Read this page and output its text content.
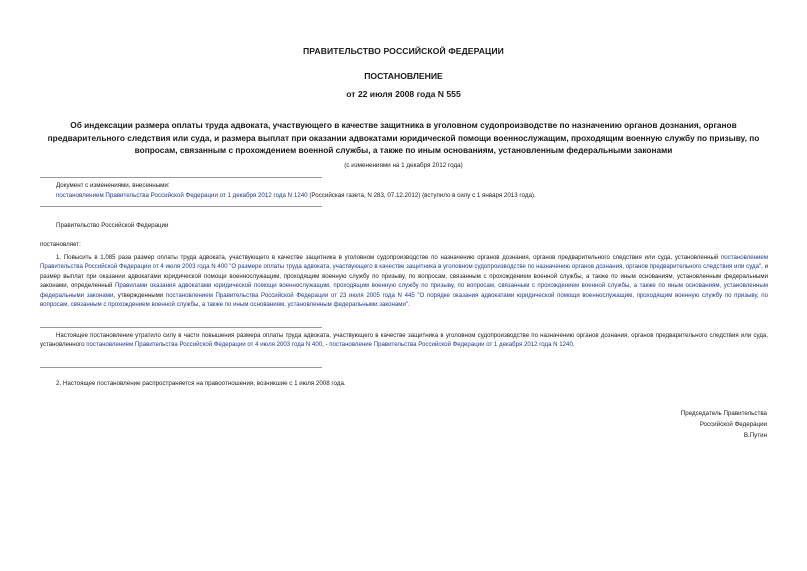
ПРАВИТЕЛЬСТВО РОССИЙСКОЙ ФЕДЕРАЦИИ
ПОСТАНОВЛЕНИЕ
от 22 июля 2008 года N 555
Об индексации размера оплаты труда адвоката, участвующего в качестве защитника в уголовном судопроизводстве по назначению органов дознания, органов предварительного следствия или суда, и размера выплат при оказании адвокатами юридической помощи военнослужащим, проходящим военную службу по призыву, по вопросам, связанным с прохождением военной службы, а также по иным основаниям, установленным федеральными законами
(с изменениями на 1 декабря 2012 года)
Документ с изменениями, внесенными:
постановлением Правительства Российской Федерации от 1 декабря 2012 года N 1240 (Российская газета, N 283, 07.12.2012) (вступило в силу с 1 января 2013 года).
Правительство Российской Федерации
постановляет:

1. Повысить в 1,085 раза размер оплаты труда адвоката, участвующего в качестве защитника в уголовном судопроизводстве по назначению органов дознания, органов предварительного следствия или суда, установленный постановлением Правительства Российской Федерации от 4 июля 2003 года N 400 "О размере оплаты труда адвоката, участвующего в качестве защитника в уголовном судопроизводстве по назначению органов дознания, органов предварительного следствия или суда", и размер выплат при оказании адвокатами юридической помощи военнослужащим, проходящим военную службу по призыву, по вопросам, связанным с прохождением военной службы, а также по иным основаниям, установленным федеральными законами, определенный Правилами оказания адвокатами юридической помощи военнослужащим, проходящим военную службу по призыву, по вопросам, связанным с прохождением военной службы, а также по иным основаниям, установленным федеральными законами, утвержденными постановлением Правительства Российской Федерации от 23 июля 2005 года N 445 "О порядке оказания адвокатами юридической помощи военнослужащим, проходящим военную службу по призыву, по вопросам, связанным с прохождением военной службы, а также по иным основаниям, установленным федеральными законами".

Настоящее постановление утратило силу в части повышения размера оплаты труда адвоката, участвующего в качестве защитника в уголовном судопроизводстве по назначению органов дознания, органов предварительного следствия или суда, установленного постановлением Правительства Российской Федерации от 4 июля 2003 года N 400, - постановление Правительства Российской Федерации от 1 декабря 2012 года N 1240.

2. Настоящее постановление распространяется на правоотношения, возникшие с 1 июля 2008 года.
Председатель Правительства
Российской Федерации
В.Путин
